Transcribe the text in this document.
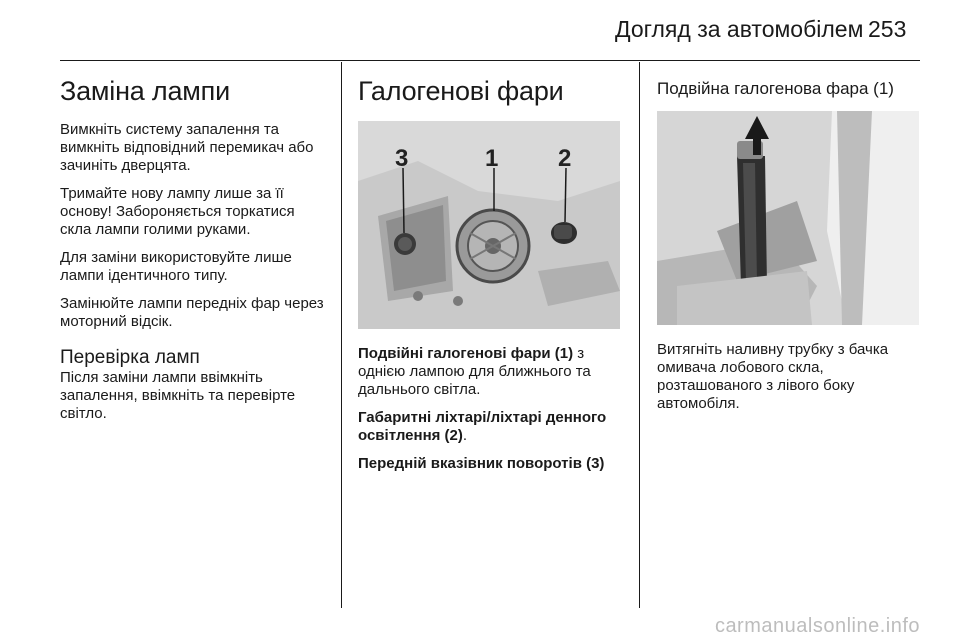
Догляд за автомобілем 253
Заміна лампи

Вимкніть систему запалення та вимкніть відповідний перемикач або зачиніть дверцята.

Тримайте нову лампу лише за її основу! Забороняється торкатися скла лампи голими руками.

Для заміни використовуйте лише лампи ідентичного типу.

Замінюйте лампи передніх фар через моторний відсік.

Перевірка ламп

Після заміни лампи ввімкніть запалення, ввімкніть та перевірте світло.

Галогенові фари
3	1 2

Подвійні галогенові фари (1) з однією лампою для ближнього та дальнього світла.

Габаритні ліхтарі/ліхтарі денного освітлення (2).

Передній вказівник поворотів (3)

Подвійна галогенова фара (1)

Витягніть наливну трубку з бачка омивача лобового скла, розташованого з лівого боку автомобіля.

carmanualsonline.info
